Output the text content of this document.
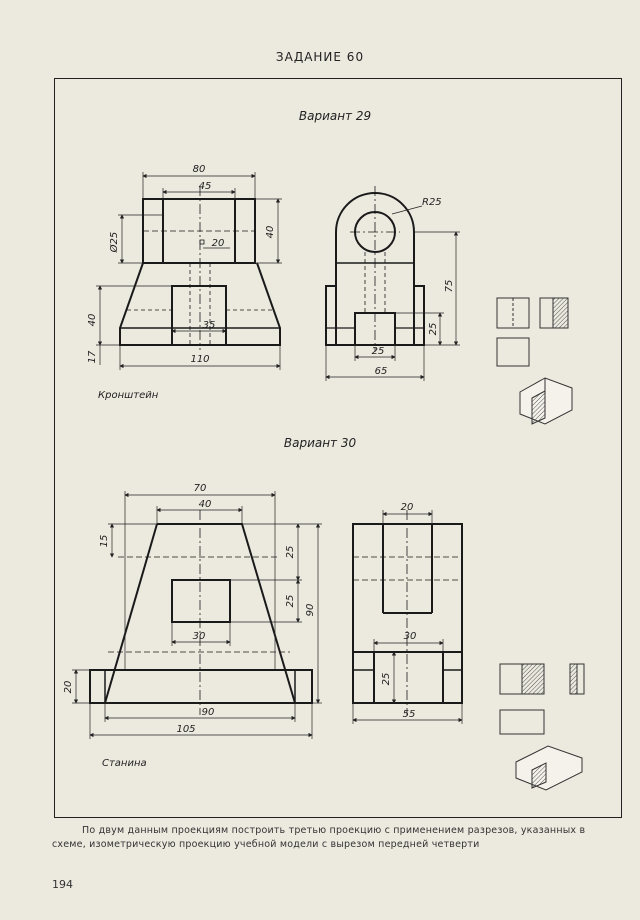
ЗАДАНИЕ 60
Вариант 29
80
45
Ø25	40
20
40	35
17	110
Кронштейн
R25
75
25
25
65
Вариант 30
70
40
15
25
25
90
30
20
90
105
Станина
20
30
25
55

По двум данным проекциям построить третью проекцию с применением разрезов, указанных в схеме, изометрическую проекцию учебной модели с вырезом передней четверти

194
